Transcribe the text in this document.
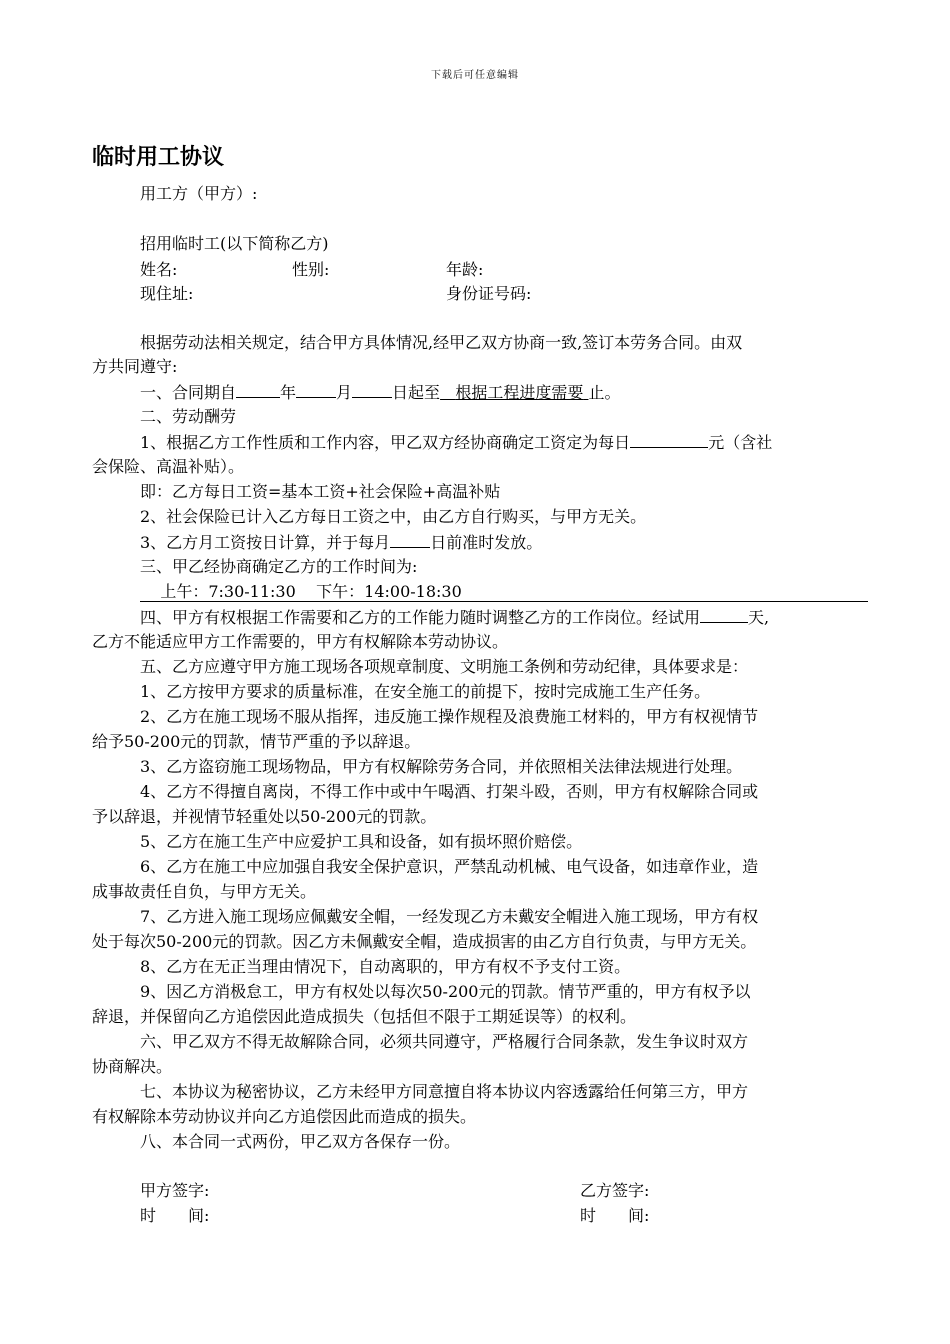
下载后可任意编辑
临时用工协议
用工方（甲方）:
招用临时工(以下简称乙方)
姓名:	性别:	年龄:
现住址:	身份证号码:
根据劳动法相关规定，结合甲方具体情况,经甲乙双方协商一致,签订本劳务合同。由双
方共同遵守:
一、合同期自	年	月	日起至 根据工程进度需要 止。
二、劳动酬劳
1、根据乙方工作性质和工作内容，甲乙双方经协商确定工资定为每日	元（含社
会保险、高温补贴）。
即：乙方每日工资=基本工资+社会保险+高温补贴
2、社会保险已计入乙方每日工资之中，由乙方自行购买，与甲方无关。
3、乙方月工资按日计算，并于每月	日前准时发放。
三、甲乙经协商确定乙方的工作时间为:
上午：7:30-11:30    下午：14:00-18:30
四、甲方有权根据工作需要和乙方的工作能力随时调整乙方的工作岗位。经试用	天,
乙方不能适应甲方工作需要的，甲方有权解除本劳动协议。
五、乙方应遵守甲方施工现场各项规章制度、文明施工条例和劳动纪律，具体要求是：
1、乙方按甲方要求的质量标准，在安全施工的前提下，按时完成施工生产任务。
2、乙方在施工现场不服从指挥，违反施工操作规程及浪费施工材料的，甲方有权视情节
给予50-200元的罚款，情节严重的予以辞退。
3、乙方盗窃施工现场物品，甲方有权解除劳务合同，并依照相关法律法规进行处理。
4、乙方不得擅自离岗，不得工作中或中午喝酒、打架斗殴，否则，甲方有权解除合同或
予以辞退，并视情节轻重处以50-200元的罚款。
5、乙方在施工生产中应爱护工具和设备，如有损坏照价赔偿。
6、乙方在施工中应加强自我安全保护意识，严禁乱动机械、电气设备，如违章作业，造
成事故责任自负，与甲方无关。
7、乙方进入施工现场应佩戴安全帽，一经发现乙方未戴安全帽进入施工现场，甲方有权
处于每次50-200元的罚款。因乙方未佩戴安全帽，造成损害的由乙方自行负责，与甲方无关。
8、乙方在无正当理由情况下，自动离职的，甲方有权不予支付工资。
9、因乙方消极怠工，甲方有权处以每次50-200元的罚款。情节严重的，甲方有权予以
辞退，并保留向乙方追偿因此造成损失（包括但不限于工期延误等）的权利。
六、甲乙双方不得无故解除合同，必须共同遵守，严格履行合同条款，发生争议时双方
协商解决。
七、本协议为秘密协议，乙方未经甲方同意擅自将本协议内容透露给任何第三方，甲方
有权解除本劳动协议并向乙方追偿因此而造成的损失。
八、本合同一式两份，甲乙双方各保存一份。
甲方签字:	乙方签字:
时　　间:	时　　间:
